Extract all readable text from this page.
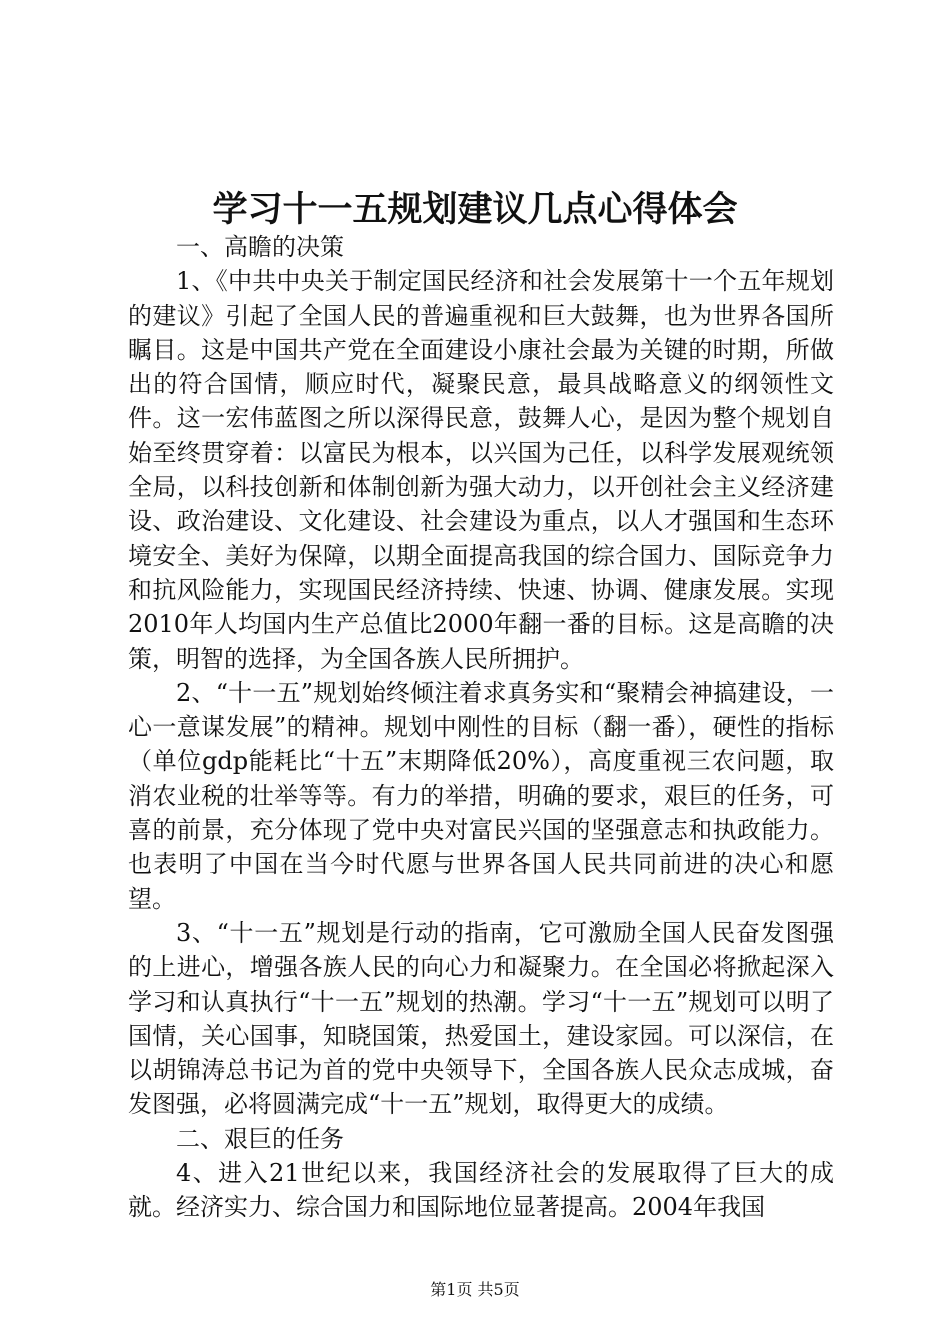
学习十一五规划建议几点心得体会

一、高瞻的决策

1、《中共中央关于制定国民经济和社会发展第十一个五年规划的建议》引起了全国人民的普遍重视和巨大鼓舞，也为世界各国所瞩目。这是中国共产党在全面建设小康社会最为关键的时期，所做出的符合国情，顺应时代，凝聚民意，最具战略意义的纲领性文件。这一宏伟蓝图之所以深得民意，鼓舞人心，是因为整个规划自始至终贯穿着：以富民为根本，以兴国为己任，以科学发展观统领全局，以科技创新和体制创新为强大动力，以开创社会主义经济建设、政治建设、文化建设、社会建设为重点，以人才强国和生态环境安全、美好为保障，以期全面提高我国的综合国力、国际竞争力和抗风险能力，实现国民经济持续、快速、协调、健康发展。实现2010年人均国内生产总值比2000年翻一番的目标。这是高瞻的决策，明智的选择，为全国各族人民所拥护。

2、“十一五”规划始终倾注着求真务实和“聚精会神搞建设，一心一意谋发展”的精神。规划中刚性的目标（翻一番），硬性的指标（单位gdp能耗比“十五”末期降低20%），高度重视三农问题，取消农业税的壮举等等。有力的举措，明确的要求，艰巨的任务，可喜的前景，充分体现了党中央对富民兴国的坚强意志和执政能力。也表明了中国在当今时代愿与世界各国人民共同前进的决心和愿望。

3、“十一五”规划是行动的指南，它可激励全国人民奋发图强的上进心，增强各族人民的向心力和凝聚力。在全国必将掀起深入学习和认真执行“十一五”规划的热潮。学习“十一五”规划可以明了国情，关心国事，知晓国策，热爱国土，建设家园。可以深信，在以胡锦涛总书记为首的党中央领导下，全国各族人民众志成城，奋发图强，必将圆满完成“十一五”规划，取得更大的成绩。

二、艰巨的任务

4、进入21世纪以来，我国经济社会的发展取得了巨大的成就。经济实力、综合国力和国际地位显著提高。2004年我国

第1页 共5页
